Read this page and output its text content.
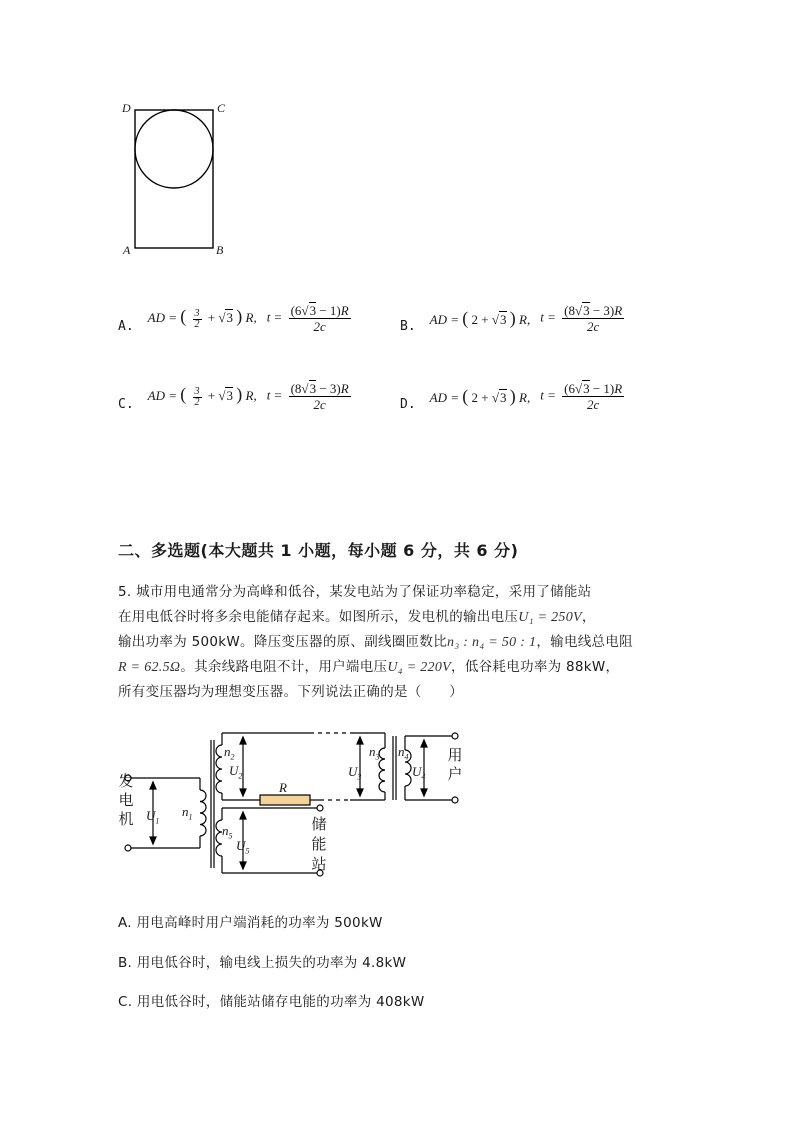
D	C
A	B
A.
AD = ( $\frac{3}{2} + √3$ ) R, $t = \frac{(6√3 - 1)R}{2c}$	B. AD = ( 2 + √3 ) R, $t = \frac{(8√3 - 3)R}{2c}$
C.
AD = ( $\frac{3}{2} + √3$ ) R, $t = \frac{(8√3 - 3)R}{2c}$	D. AD = ( 2 + √3 ) R, $t = \frac{(6√3 - 1)R}{2c}$
二、多选题(本大题共 1 小题，每小题 6 分，共 6 分)
5. 城市用电通常分为高峰和低谷，某发电站为了保证功率稳定，采用了储能站
在用电低谷时将多余电能储存起来。如图所示，发电机的输出电压U₁ = 250V，
输出功率为 500kW。降压变压器的原、副线圈匝数比n₃ : n₄ = 50 : 1，输电线总电阻
R = 62.5Ω。其余线路电阻不计，用户端电压U₄ = 220V，低谷耗电功率为 88kW，
所有变压器均为理想变压器。下列说法正确的是（　　）
发
电
机
用
户
储
能
站
$U_1$
$n_1$
$n_2$
$U_2$
R
$U_3$
$n_3$ $n_4$
$U_4$
$n_5$
$U_5$
A. 用电高峰时用户端消耗的功率为 500kW
B. 用电低谷时，输电线上损失的功率为 4.8kW
C. 用电低谷时，储能站储存电能的功率为 408kW
